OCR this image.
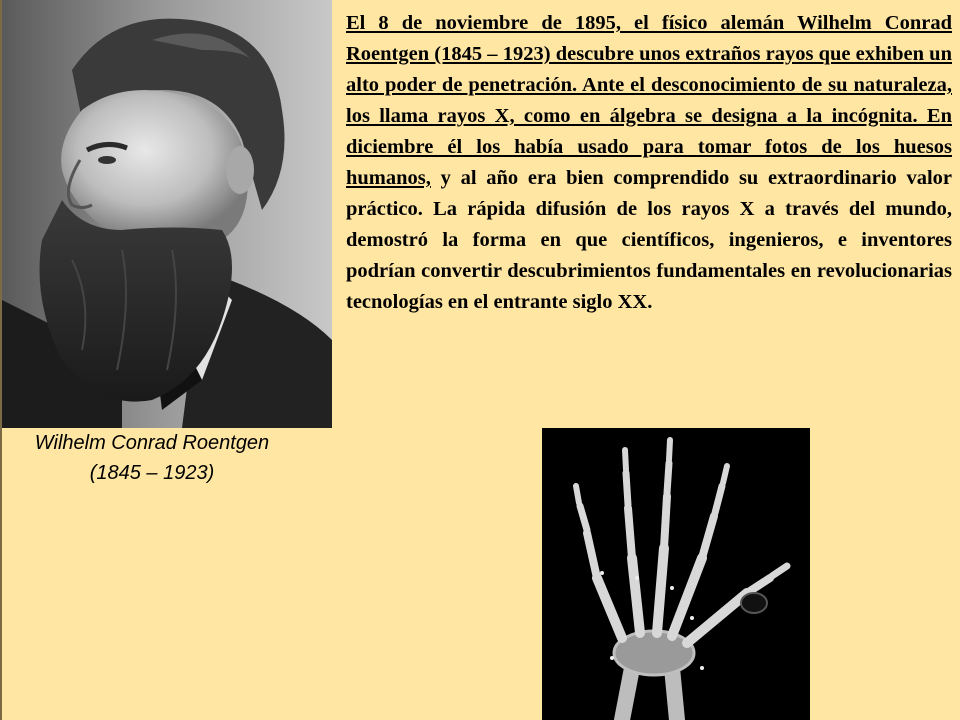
Wilhelm Conrad Roentgen
(1845 – 1923)

El 8 de noviembre de 1895, el físico alemán Wilhelm Conrad Roentgen (1845 – 1923) descubre unos extraños rayos que exhiben un alto poder de penetración. Ante el desconocimiento de su naturaleza, los llama rayos X, como en álgebra se designa a la incógnita. En diciembre él los había usado para tomar fotos de los huesos humanos, y al año era bien comprendido su extraordinario valor práctico. La rápida difusión de los rayos X a través del mundo, demostró la forma en que científicos, ingenieros, e inventores podrían convertir descubrimientos fundamentales en revolucionarias tecnologías en el entrante siglo XX.
